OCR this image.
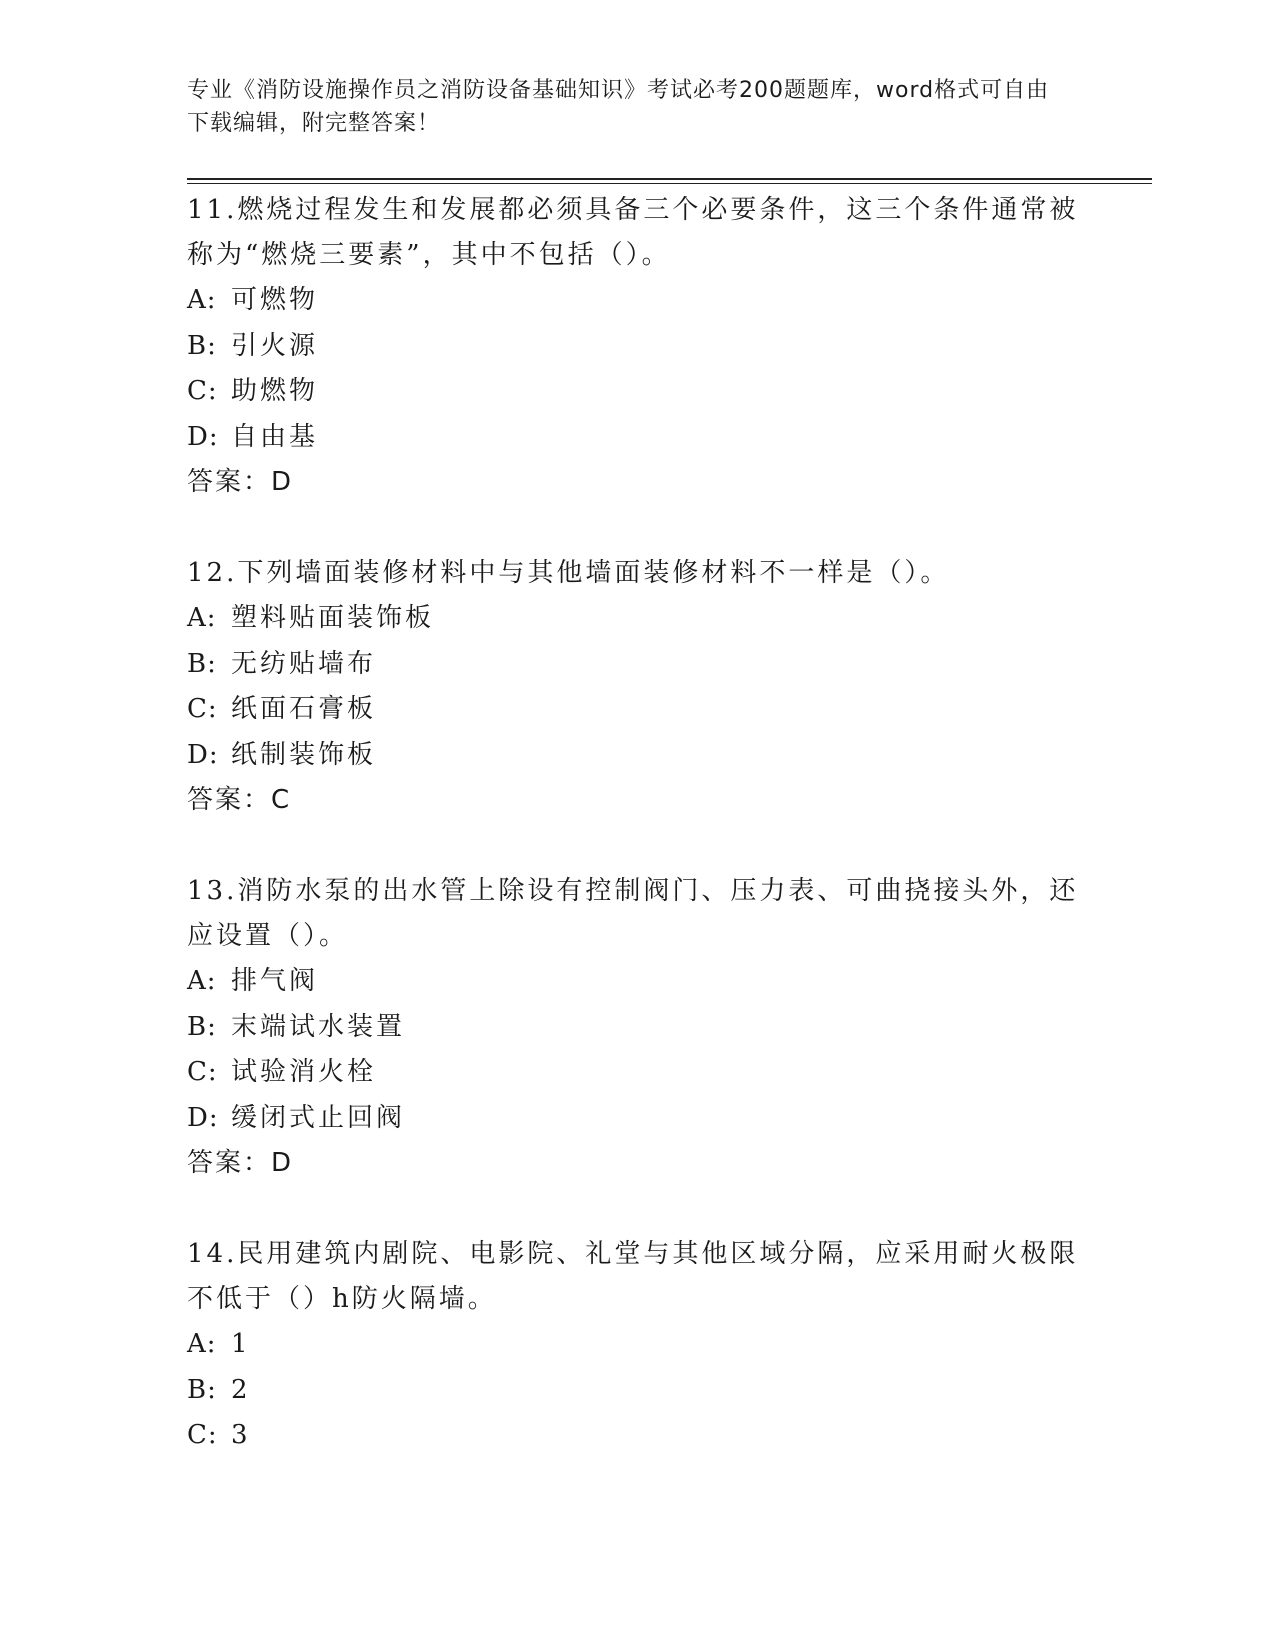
专业《消防设施操作员之消防设备基础知识》考试必考200题题库，word格式可自由下载编辑，附完整答案！

11.燃烧过程发生和发展都必须具备三个必要条件，这三个条件通常被称为“燃烧三要素”，其中不包括（）。

A: 可燃物

B: 引火源

C: 助燃物

D: 自由基

答案：D

12.下列墙面装修材料中与其他墙面装修材料不一样是（）。

A: 塑料贴面装饰板

B: 无纺贴墙布

C: 纸面石膏板

D: 纸制装饰板

答案：C

13.消防水泵的出水管上除设有控制阀门、压力表、可曲挠接头外，还应设置（）。

A: 排气阀

B: 末端试水装置

C: 试验消火栓

D: 缓闭式止回阀

答案：D

14.民用建筑内剧院、电影院、礼堂与其他区域分隔，应采用耐火极限不低于（）h防火隔墙。

A: 1

B: 2

C: 3
